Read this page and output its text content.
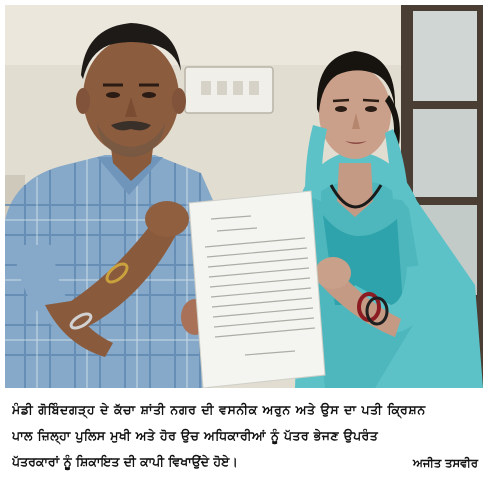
ਮੰਡੀ ਗੋਬਿੰਦਗੜ੍ਹ ਦੇ ਕੱਚਾ ਸ਼ਾਂਤੀ ਨਗਰ ਦੀ ਵਸਨੀਕ ਅਰੁਨ ਅਤੇ ਉਸ ਦਾ ਪਤੀ ਕ੍ਰਿਸ਼ਨ
ਪਾਲ ਜ਼ਿਲ੍ਹਾ ਪੁਲਿਸ ਮੁਖੀ ਅਤੇ ਹੋਰ ਉਚ ਅਧਿਕਾਰੀਆਂ ਨੂੰ ਪੱਤਰ ਭੇਜਣ ਉਪਰੰਤ
ਪੱਤਰਕਾਰਾਂ ਨੂੰ ਸ਼ਿਕਾਇਤ ਦੀ ਕਾਪੀ ਵਿਖਾਉਂਦੇ ਹੋਏ।	ਅਜੀਤ ਤਸਵੀਰ
